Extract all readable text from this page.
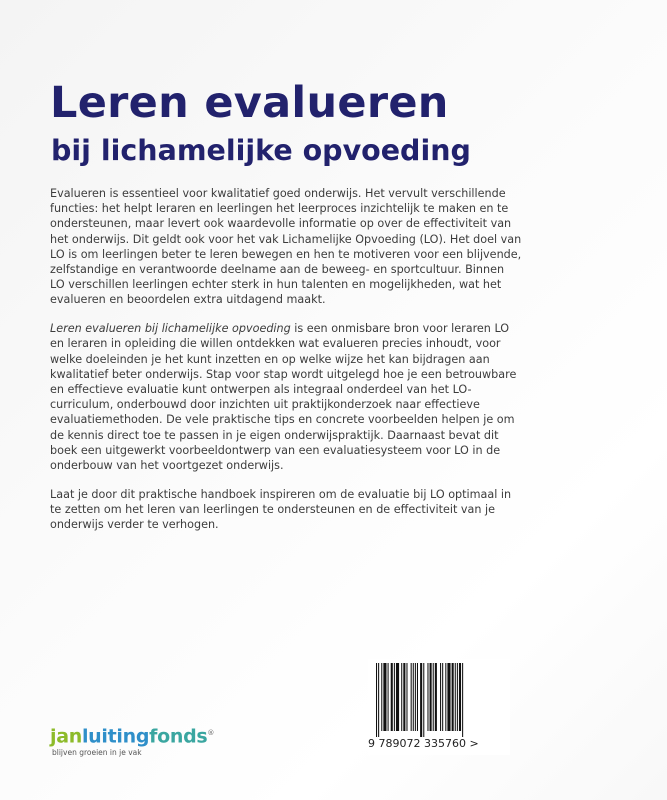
Leren evalueren
bij lichamelijke opvoeding

Evalueren is essentieel voor kwalitatief goed onderwijs. Het vervult verschillende functies: het helpt leraren en leerlingen het leerproces inzichtelijk te maken en te ondersteunen, maar levert ook waardevolle informatie op over de effectiviteit van het onderwijs. Dit geldt ook voor het vak Lichamelijke Opvoeding (LO). Het doel van LO is om leerlingen beter te leren bewegen en hen te motiveren voor een blijvende, zelfstandige en verantwoorde deelname aan de beweeg- en sportcultuur. Binnen LO verschillen leerlingen echter sterk in hun talenten en mogelijkheden, wat het evalueren en beoordelen extra uitdagend maakt.

Leren evalueren bij lichamelijke opvoeding is een onmisbare bron voor leraren LO en leraren in opleiding die willen ontdekken wat evalueren precies inhoudt, voor welke doeleinden je het kunt inzetten en op welke wijze het kan bijdragen aan kwalitatief beter onderwijs. Stap voor stap wordt uitgelegd hoe je een betrouwbare en effectieve evaluatie kunt ontwerpen als integraal onderdeel van het LO-curriculum, onderbouwd door inzichten uit praktijkonderzoek naar effectieve evaluatiemethoden. De vele praktische tips en concrete voorbeelden helpen je om de kennis direct toe te passen in je eigen onderwijspraktijk. Daarnaast bevat dit boek een uitgewerkt voorbeeldontwerp van een evaluatiesysteem voor LO in de onderbouw van het voortgezet onderwijs.

Laat je door dit praktische handboek inspireren om de evaluatie bij LO optimaal in te zetten om het leren van leerlingen te ondersteunen en de effectiviteit van je onderwijs verder te verhogen.

janluitingfonds®
blijven groeien in je vak
9 789072 335760 >
